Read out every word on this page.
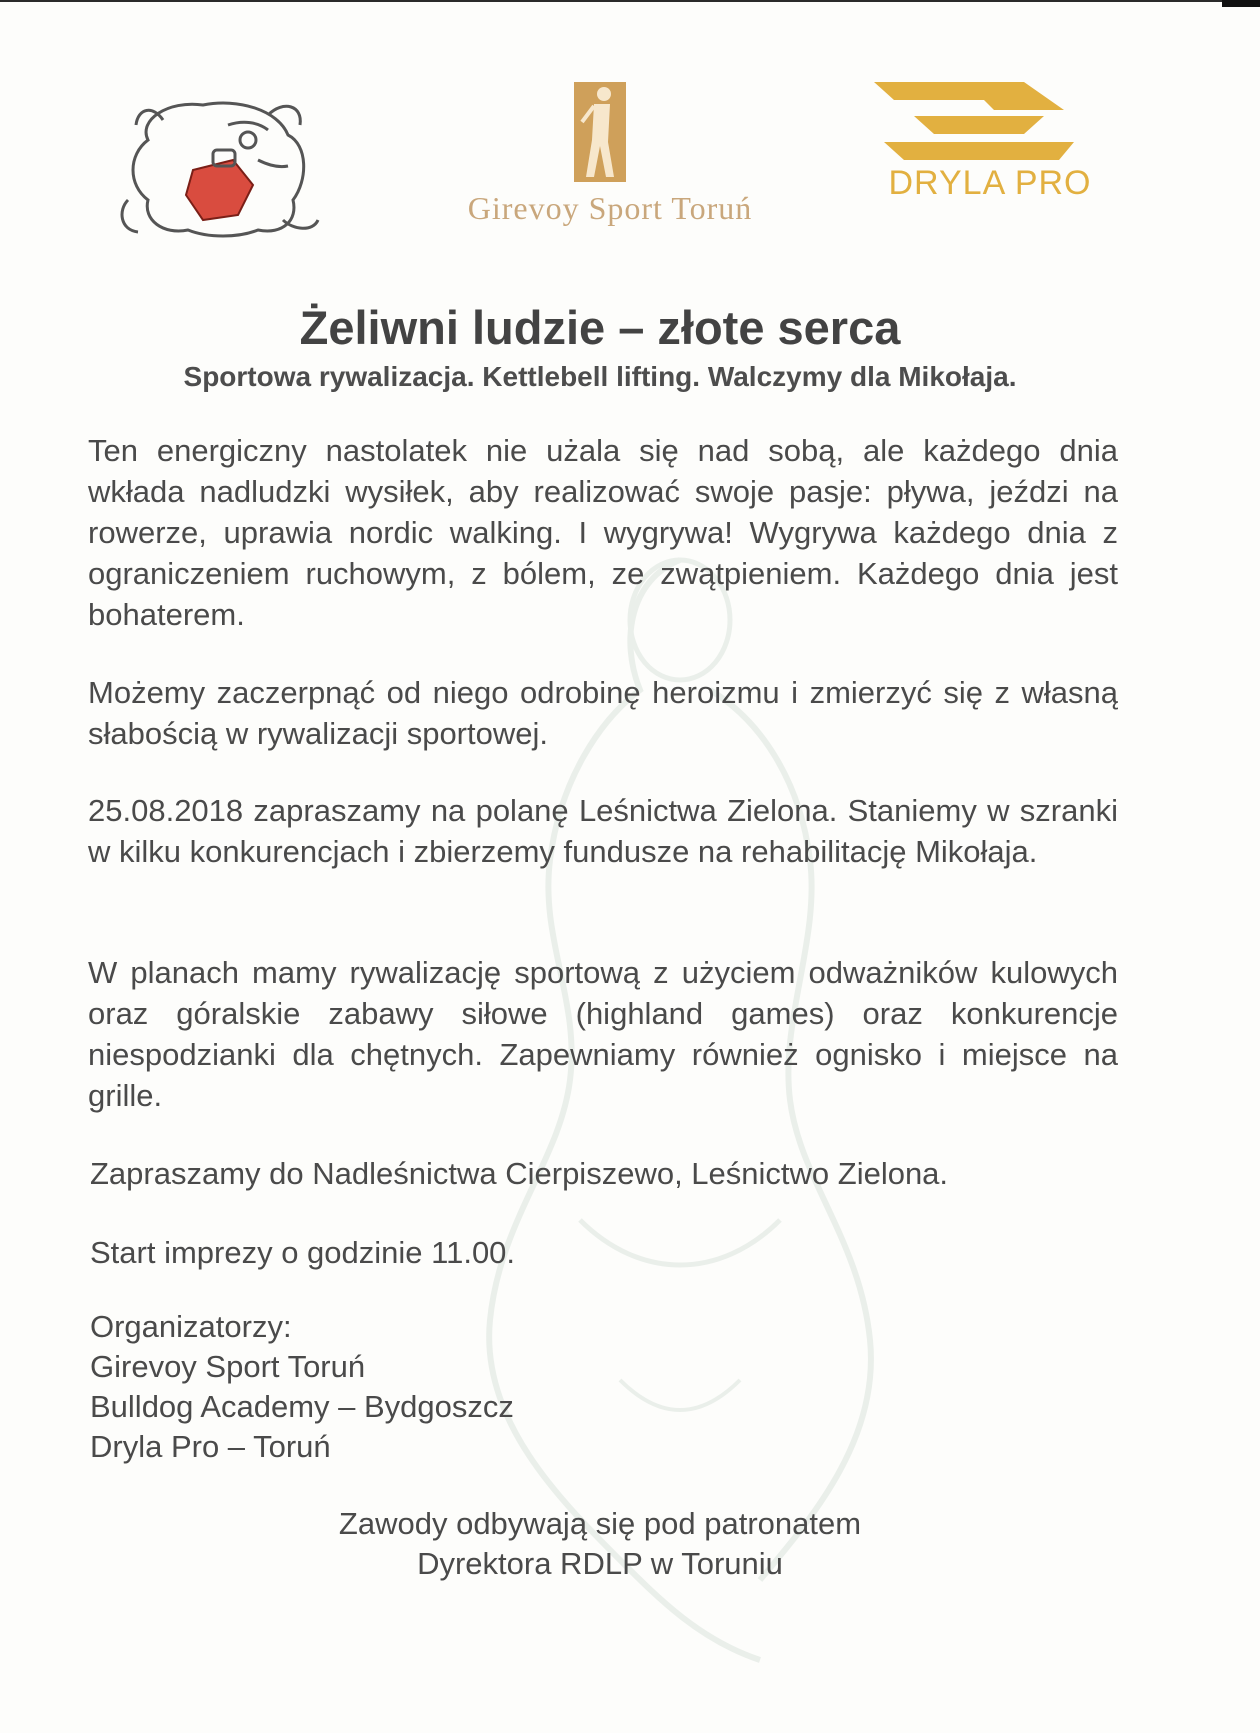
Girevoy Sport Toruń
DRYLA PRO
Żeliwni ludzie – złote serca
Sportowa rywalizacja. Kettlebell lifting. Walczymy dla Mikołaja.
Ten energiczny nastolatek nie użala się nad sobą, ale każdego dnia wkłada nadludzki wysiłek, aby realizować swoje pasje: pływa, jeździ na rowerze, uprawia nordic walking. I wygrywa! Wygrywa każdego dnia z ograniczeniem ruchowym, z bólem, ze zwątpieniem. Każdego dnia jest bohaterem.
Możemy zaczerpnąć od niego odrobinę heroizmu i zmierzyć się z własną słabością w rywalizacji sportowej.
25.08.2018 zapraszamy na polanę Leśnictwa Zielona. Staniemy w szranki w kilku konkurencjach i zbierzemy fundusze na rehabilitację Mikołaja.
W planach mamy rywalizację sportową z użyciem odważników kulowych oraz góralskie zabawy siłowe (highland games) oraz konkurencje niespodzianki dla chętnych. Zapewniamy również ognisko i miejsce na grille.
Zapraszamy do Nadleśnictwa Cierpiszewo, Leśnictwo Zielona.
Start imprezy o godzinie 11.00.
Organizatorzy:
Girevoy Sport Toruń
Bulldog Academy – Bydgoszcz
Dryla Pro – Toruń
Zawody odbywają się pod patronatem
Dyrektora RDLP w Toruniu
